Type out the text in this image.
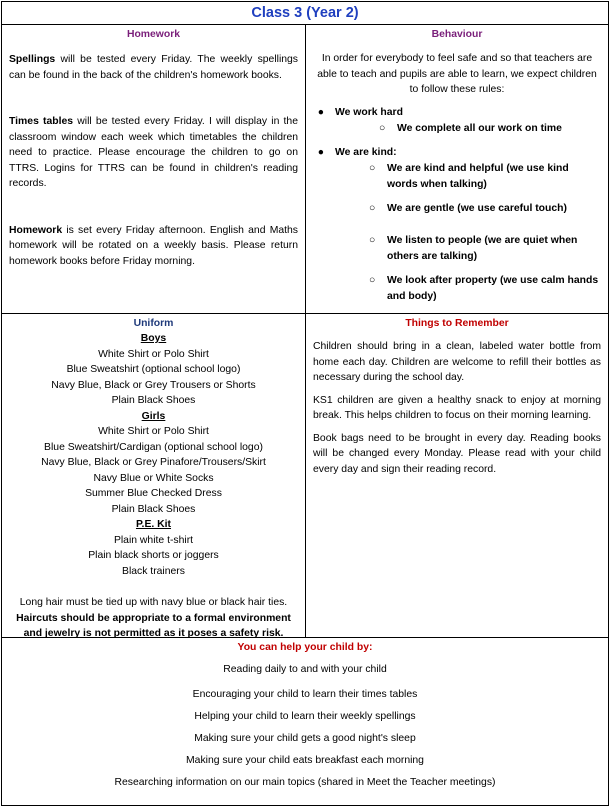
Class 3 (Year 2)
Homework

Spellings will be tested every Friday. The weekly spellings can be found in the back of the children's homework books.

Times tables will be tested every Friday. I will display in the classroom window each week which timetables the children need to practice. Please encourage the children to go on TTRS. Logins for TTRS can be found in children's reading records.

Homework is set every Friday afternoon. English and Maths homework will be rotated on a weekly basis. Please return homework books before Friday morning.

Behaviour

In order for everybody to feel safe and so that teachers are able to teach and pupils are able to learn, we expect children to follow these rules:

●	We work hard
○	We complete all our work on time
●	We are kind:
○	We are kind and helpful (we use kind words when talking)
○	We are gentle (we use careful touch)
○	We listen to people (we are quiet when others are talking)
○	We look after property (we use calm hands and body)
Uniform

Boys

White Shirt or Polo Shirt

Blue Sweatshirt (optional school logo)

Navy Blue, Black or Grey Trousers or Shorts

Plain Black Shoes

Girls

White Shirt or Polo Shirt

Blue Sweatshirt/Cardigan (optional school logo)

Navy Blue, Black or Grey Pinafore/Trousers/Skirt

Navy Blue or White Socks

Summer Blue Checked Dress

Plain Black Shoes

P.E. Kit

Plain white t-shirt

Plain black shorts or joggers

Black trainers

Long hair must be tied up with navy blue or black hair ties.

Haircuts should be appropriate to a formal environment and jewelry is not permitted as it poses a safety risk.

Things to Remember

Children should bring in a clean, labeled water bottle from home each day. Children are welcome to refill their bottles as necessary during the school day.

KS1 children are given a healthy snack to enjoy at morning break. This helps children to focus on their morning learning.

Book bags need to be brought in every day. Reading books will be changed every Monday. Please read with your child every day and sign their reading record.

You can help your child by:
Reading daily to and with your child
Encouraging your child to learn their times tables
Helping your child to learn their weekly spellings
Making sure your child gets a good night's sleep
Making sure your child eats breakfast each morning
Researching information on our main topics (shared in Meet the Teacher meetings)
